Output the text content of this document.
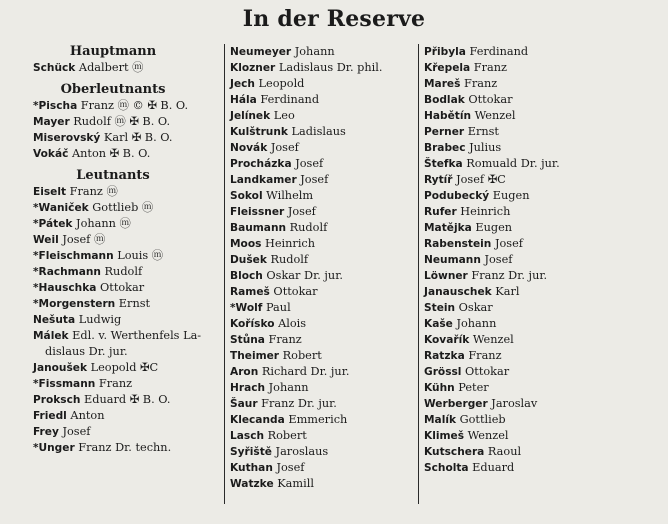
In der Reserve
Hauptmann
Schück Adalbert ⓜ
Oberleutnants
*Pischa Franz ⓜ © ✠ B. O.
Mayer Rudolf ⓜ ✠ B. O.
Miserovský Karl ✠ B. O.
Vokáč Anton ✠ B. O.
Leutnants
Eiselt Franz ⓜ
*Waniček Gottlieb ⓜ
*Pátek Johann ⓜ
Weil Josef ⓜ
*Fleischmann Louis ⓜ
*Rachmann Rudolf
*Hauschka Ottokar
*Morgenstern Ernst
Nešuta Ludwig
Málek Edl. v. Werthenfels La-
dislaus Dr. jur.
Janoušek Leopold ✠C
*Fissmann Franz
Proksch Eduard ✠ B. O.
Friedl Anton
Frey Josef
*Unger Franz Dr. techn.
Neumeyer Johann
Klozner Ladislaus Dr. phil.
Jech Leopold
Hála Ferdinand
Jelínek Leo
Kulštrunk Ladislaus
Novák Josef
Procházka Josef
Landkamer Josef
Sokol Wilhelm
Fleissner Josef
Baumann Rudolf
Moos Heinrich
Dušek Rudolf
Bloch Oskar Dr. jur.
Rameš Ottokar
*Wolf Paul
Kořísko Alois
Stůna Franz
Theimer Robert
Aron Richard Dr. jur.
Hrach Johann
Šaur Franz Dr. jur.
Klecanda Emmerich
Lasch Robert
Syřiště Jaroslaus
Kuthan Josef
Watzke Kamill
Přibyla Ferdinand
Křepela Franz
Mareš Franz
Bodlak Ottokar
Habětín Wenzel
Perner Ernst
Brabec Julius
Štefka Romuald Dr. jur.
Rytíř Josef ✠C
Podubecký Eugen
Rufer Heinrich
Matějka Eugen
Rabenstein Josef
Neumann Josef
Löwner Franz Dr. jur.
Janauschek Karl
Stein Oskar
Kaše Johann
Kovařík Wenzel
Ratzka Franz
Grössl Ottokar
Kühn Peter
Werberger Jaroslav
Malík Gottlieb
Klimeš Wenzel
Kutschera Raoul
Scholta Eduard
